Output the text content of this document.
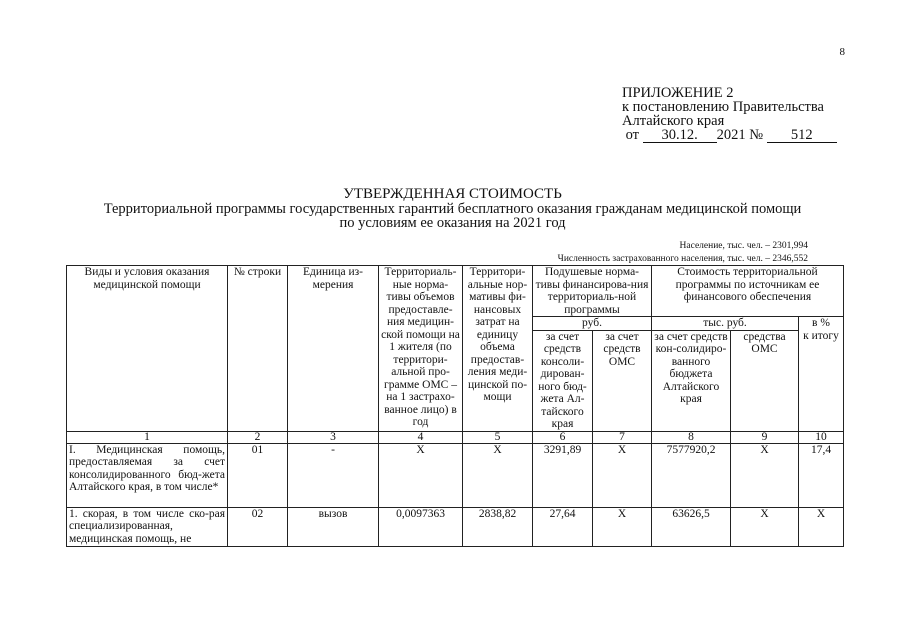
8
ПРИЛОЖЕНИЕ 2
к постановлению Правительства
Алтайского края
от 30.12. 2021 № 512
УТВЕРЖДЕННАЯ СТОИМОСТЬ
Территориальной программы государственных гарантий бесплатного оказания гражданам медицинской помощи
по условиям ее оказания на 2021 год
Население, тыс. чел. – 2301,994
Численность застрахованного населения, тыс. чел. – 2346,552
Виды и условия оказания медицинской помощи	№ строки	Единица из-мерения	Территориаль-ные норма-тивы объемов предоставле-ния медицин-ской помощи на 1 жителя (по территори-альной про-грамме ОМС – на 1 застрахо-ванное лицо) в год	Территори-альные нор-мативы фи-нансовых затрат на единицу объема предостав-ления меди-цинской по-мощи	Подушевые норма-тивы финансирова-ния территориаль-ной программы		Стоимость территориальной программы по источникам ее финансового обеспечения		
					руб.		тыс. руб.		в %
					за счет средств консоли-дирован-ного бюд-жета Ал-тайского края	за счет средств ОМС	за счет средств кон-солидиро-ванного бюджета Алтайского края	средства ОМС	к итогу
1	2	3	4	5	6	7	8	9	10
I. Медицинская помощь, предоставляемая за счет консолидированного бюд-жета Алтайского края, в том числе*	01	-	Х	Х	3291,89	Х	7577920,2	Х	17,4
1. скорая, в том числе ско-рая специализированная, медицинская помощь, не	02	вызов	0,0097363	2838,82	27,64	Х	63626,5	Х	Х
